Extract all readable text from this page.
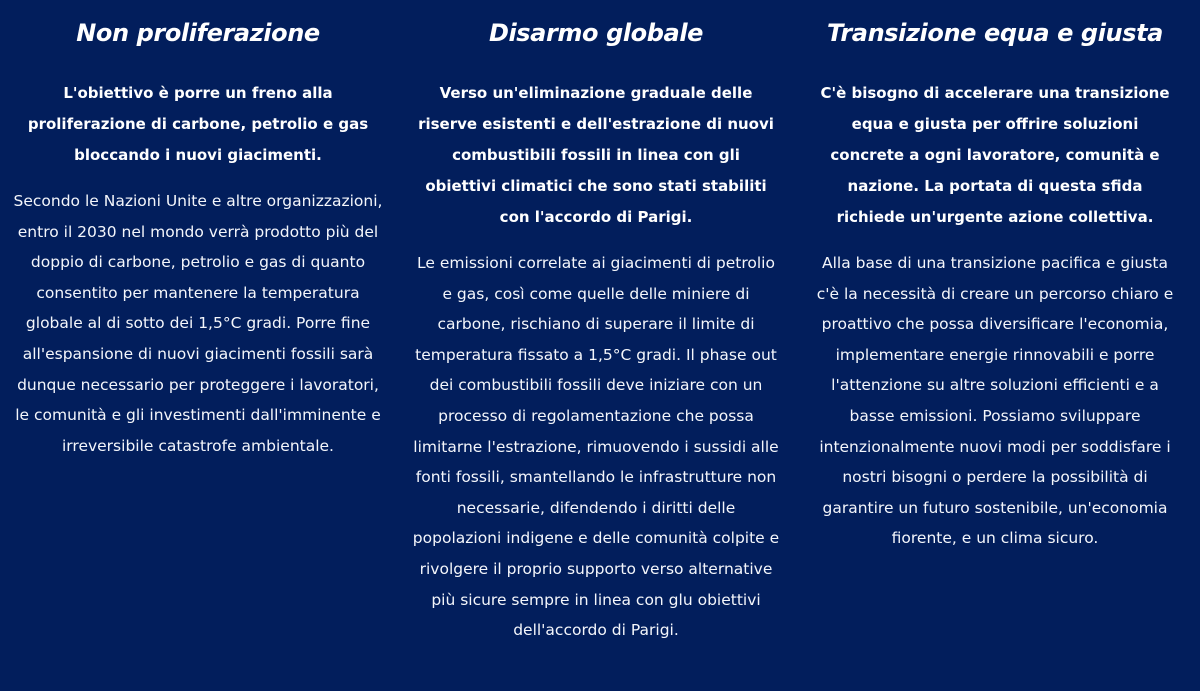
Non proliferazione

L'obiettivo è porre un freno alla proliferazione di carbone, petrolio e gas bloccando i nuovi giacimenti.

Secondo le Nazioni Unite e altre organizzazioni, entro il 2030 nel mondo verrà prodotto più del doppio di carbone, petrolio e gas di quanto consentito per mantenere la temperatura globale al di sotto dei 1,5°C gradi. Porre fine all'espansione di nuovi giacimenti fossili sarà dunque necessario per proteggere i lavoratori, le comunità e gli investimenti dall'imminente e irreversibile catastrofe ambientale.

Disarmo globale

Verso un'eliminazione graduale delle riserve esistenti e dell'estrazione di nuovi combustibili fossili in linea con gli obiettivi climatici che sono stati stabiliti con l'accordo di Parigi.

Le emissioni correlate ai giacimenti di petrolio e gas, così come quelle delle miniere di carbone, rischiano di superare il limite di temperatura fissato a 1,5°C gradi. Il phase out dei combustibili fossili deve iniziare con un processo di regolamentazione che possa limitarne l'estrazione, rimuovendo i sussidi alle fonti fossili, smantellando le infrastrutture non necessarie, difendendo i diritti delle popolazioni indigene e delle comunità colpite e rivolgere il proprio supporto verso alternative più sicure sempre in linea con glu obiettivi dell'accordo di Parigi.

Transizione equa e giusta

C'è bisogno di accelerare una transizione equa e giusta per offrire soluzioni concrete a ogni lavoratore, comunità e nazione. La portata di questa sfida richiede un'urgente azione collettiva.

Alla base di una transizione pacifica e giusta c'è la necessità di creare un percorso chiaro e proattivo che possa diversificare l'economia, implementare energie rinnovabili e porre l'attenzione su altre soluzioni efficienti e a basse emissioni. Possiamo sviluppare intenzionalmente nuovi modi per soddisfare i nostri bisogni o perdere la possibilità di garantire un futuro sostenibile, un'economia fiorente, e un clima sicuro.
